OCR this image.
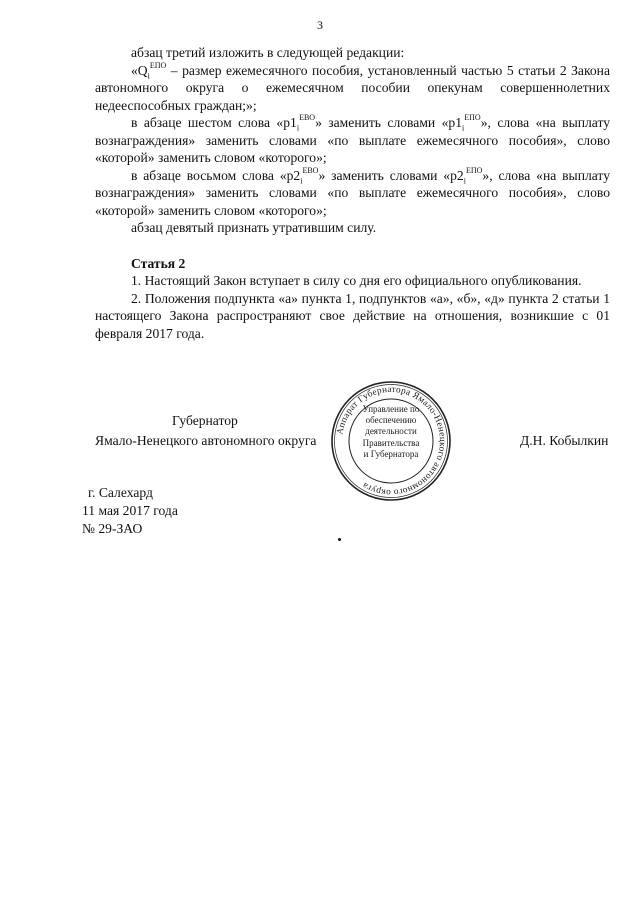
3

абзац третий изложить в следующей редакции:

«$Q_i^{ЕПО}$ – размер ежемесячного пособия, установленный частью 5 статьи 2 Закона автономного округа о ежемесячном пособии опекунам совершеннолетних недееспособных граждан;»;

в абзаце шестом слова «$p1_i^{ЕВО}$» заменить словами «$p1_i^{ЕПО}$», слова «на выплату вознаграждения» заменить словами «по выплате ежемесячного пособия», слово «которой» заменить словом «которого»;

в абзаце восьмом слова «$p2_i^{ЕВО}$» заменить словами «$p2_i^{ЕПО}$», слова «на выплату вознаграждения» заменить словами «по выплате ежемесячного пособия», слово «которой» заменить словом «которого»;

абзац девятый признать утратившим силу.

Статья 2

1. Настоящий Закон вступает в силу со дня его официального опубликования.

2. Положения подпункта «а» пункта 1, подпунктов «а», «б», «д» пункта 2 статьи 1 настоящего Закона распространяют свое действие на отношения, возникшие с 01 февраля 2017 года.

Губернатор
Ямало-Ненецкого автономного округа	Д.Н. Кобылкин
Аппарат Губернатора Ямало-Ненецкого автономного округа
Управление по
обеспечению
деятельности
Правительства
и Губернатора
г. Салехард
11 мая 2017 года
№ 29-ЗАО
